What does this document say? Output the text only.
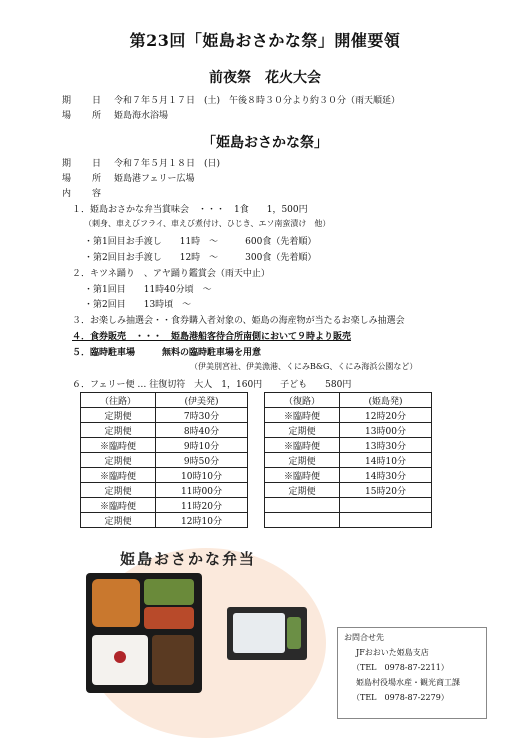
第23回「姫島おさかな祭」開催要領
前夜祭　花火大会
期　日 令和７年５月１７日　(土)　午後８時３０分より約３０分（雨天順延）
場　所 姫島海水浴場
「姫島おさかな祭」
期　日 令和７年５月１８日　(日)
場　所 姫島港フェリー広場
内　容
１．姫島おさかな弁当賞味会　・・・　1食　　1，500円
（刺身、車えびフライ、車えび煮付け、ひじき、エソ南蛮漬け　他）
・第1回目お手渡し　　11時　～　　　600食（先着順）
・第2回目お手渡し　　12時　～　　　300食（先着順）
２．キツネ踊り　、アヤ踊り鑑賞会（雨天中止）
・第1回目　　11時40分頃　～
・第2回目　　13時頃　～
３．お楽しみ抽選会・・食券購入者対象の、姫島の海産物が当たるお楽しみ抽選会
４．食券販売　・・・　姫島港船客待合所南側において９時より販売
５．臨時駐車場　　　無料の臨時駐車場を用意
（伊美別宮社、伊美漁港、くにみB&G、くにみ海浜公園など）
６．フェリー便 … 往復切符　大人　1，160円　　子ども　　580円
（往路）	(伊美発)		（復路）	(姫島発)
定期便	7時30分		※臨時便	12時20分
定期便	8時40分		定期便	13時00分
※臨時便	9時10分		※臨時便	13時30分
定期便	9時50分		定期便	14時10分
※臨時便	10時10分		※臨時便	14時30分
定期便	11時00分		定期便	15時20分
※臨時便	11時20分			
定期便	12時10分			
姫島おさかな弁当
お問合せ先
JFおおいた姫島支店
（TEL　0978-87-2211）
姫島村役場水産・観光商工課
（TEL　0978-87-2279）
